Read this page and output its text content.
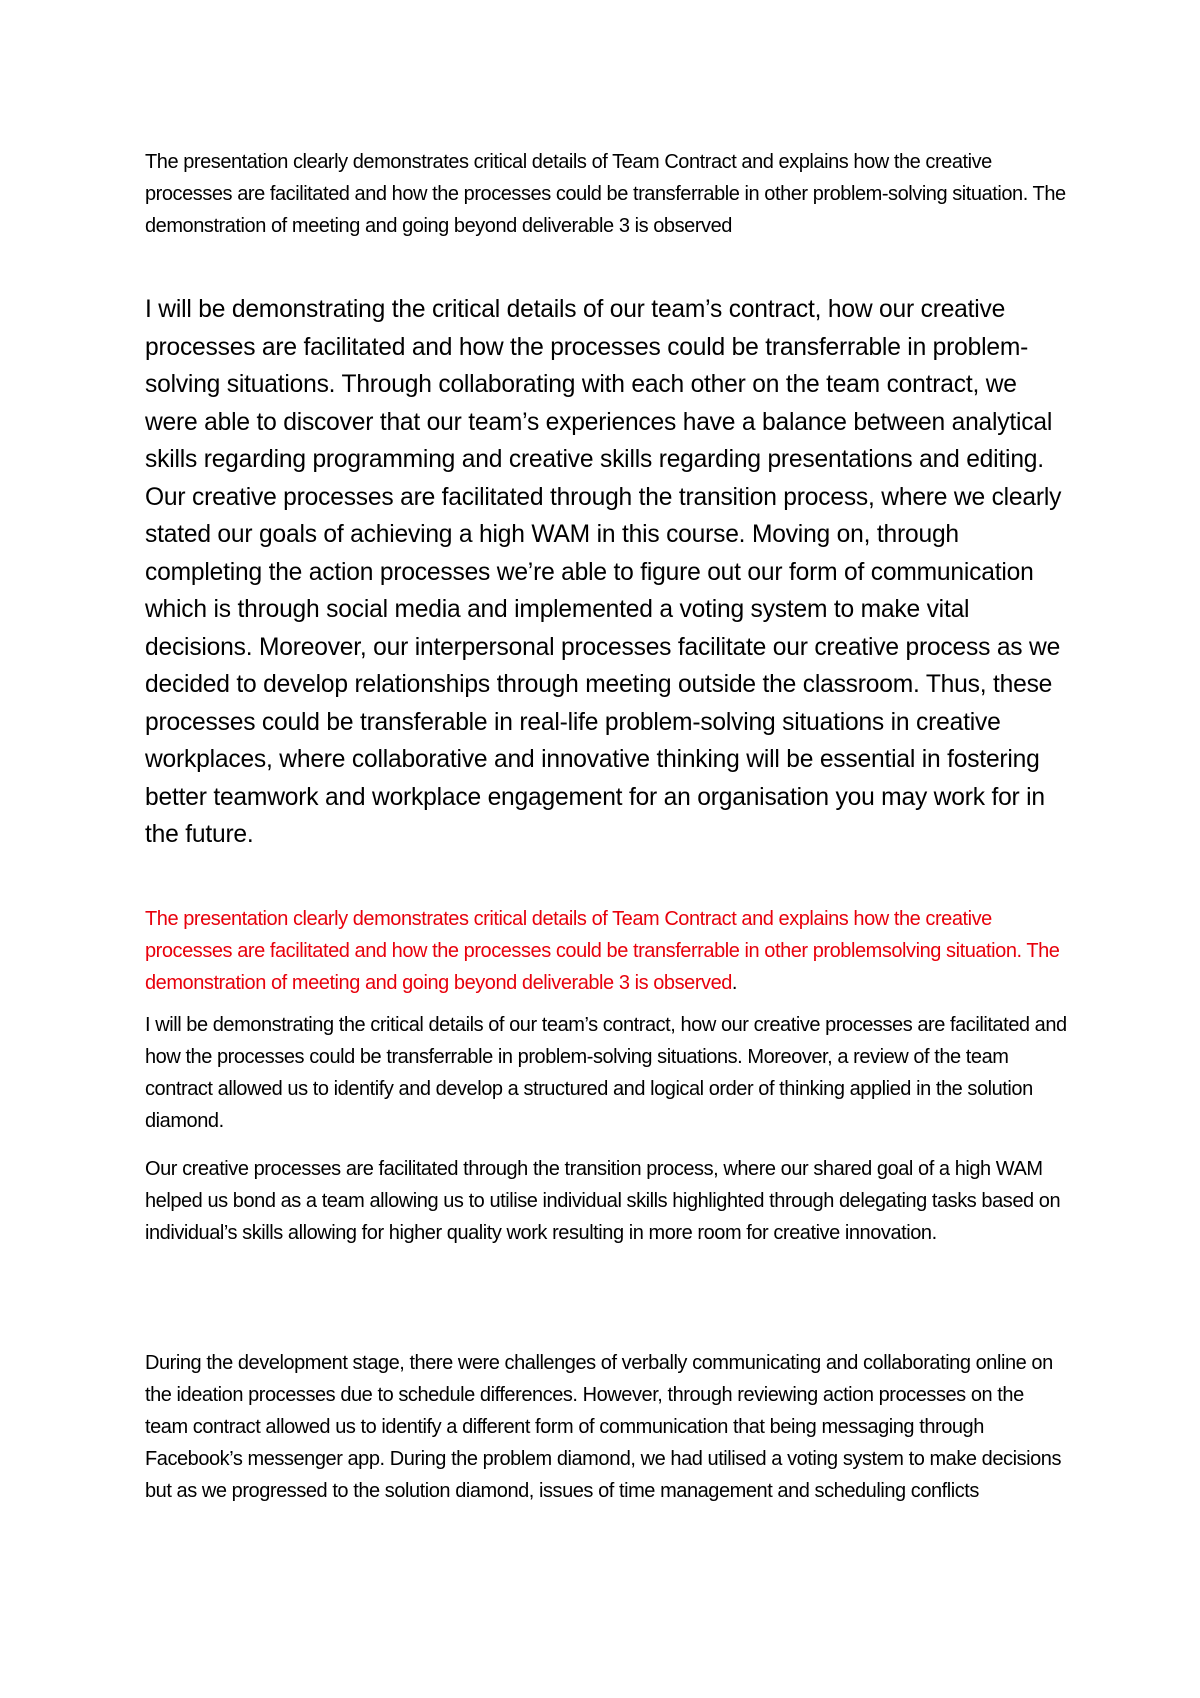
The presentation clearly demonstrates critical details of Team Contract and explains how the creative processes are facilitated and how the processes could be transferrable in other problem-solving situation. The demonstration of meeting and going beyond deliverable 3 is observed

I will be demonstrating the critical details of our team’s contract, how our creative processes are facilitated and how the processes could be transferrable in problem-solving situations. Through collaborating with each other on the team contract, we were able to discover that our team’s experiences have a balance between analytical skills regarding programming and creative skills regarding presentations and editing. Our creative processes are facilitated through the transition process, where we clearly stated our goals of achieving a high WAM in this course. Moving on, through completing the action processes we’re able to figure out our form of communication which is through social media and implemented a voting system to make vital decisions. Moreover, our interpersonal processes facilitate our creative process as we decided to develop relationships through meeting outside the classroom. Thus, these processes could be transferable in real-life problem-solving situations in creative workplaces, where collaborative and innovative thinking will be essential in fostering better teamwork and workplace engagement for an organisation you may work for in the future.

The presentation clearly demonstrates critical details of Team Contract and explains how the creative processes are facilitated and how the processes could be transferrable in other problemsolving situation. The demonstration of meeting and going beyond deliverable 3 is observed.

I will be demonstrating the critical details of our team’s contract, how our creative processes are facilitated and how the processes could be transferrable in problem-solving situations. Moreover, a review of the team contract allowed us to identify and develop a structured and logical order of thinking applied in the solution diamond.

Our creative processes are facilitated through the transition process, where our shared goal of a high WAM helped us bond as a team allowing us to utilise individual skills highlighted through delegating tasks based on individual’s skills allowing for higher quality work resulting in more room for creative innovation.

During the development stage, there were challenges of verbally communicating and collaborating online on the ideation processes due to schedule differences. However, through reviewing action processes on the team contract allowed us to identify a different form of communication that being messaging through Facebook’s messenger app. During the problem diamond, we had utilised a voting system to make decisions but as we progressed to the solution diamond, issues of time management and scheduling conflicts
